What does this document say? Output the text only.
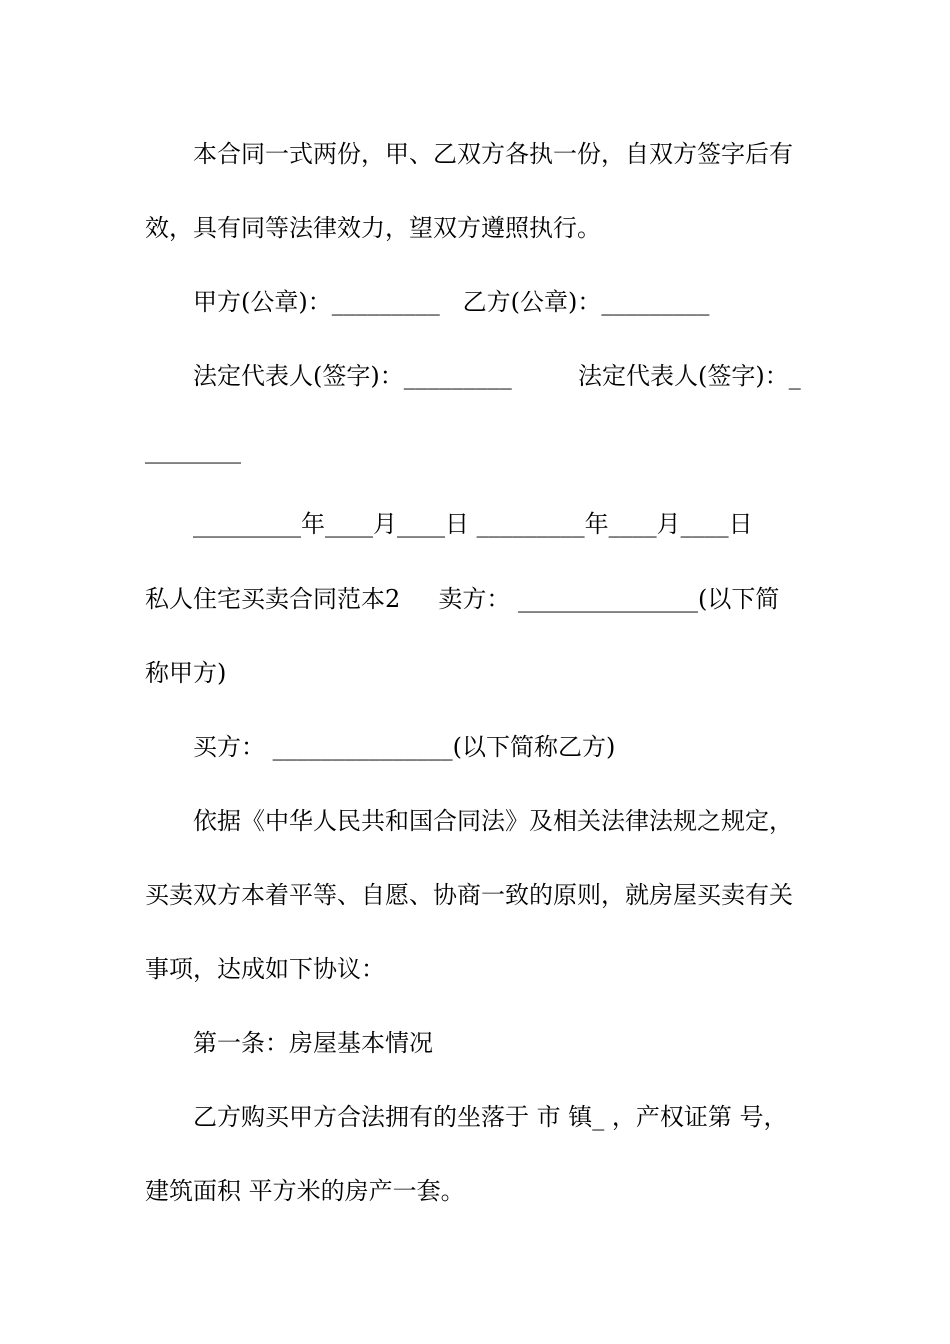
本合同一式两份，甲、乙双方各执一份，自双方签字后有

效，具有同等法律效力，望双方遵照执行。

甲方(公章)：_________   乙方(公章)：_________

法定代表人(签字)：_________	法定代表人(签字)：_

________

_________年____月____日 _________年____月____日

私人住宅买卖合同范本2     卖方： _______________(以下简

称甲方)

买方： _______________(以下简称乙方)

依据《中华人民共和国合同法》及相关法律法规之规定，

买卖双方本着平等、自愿、协商一致的原则，就房屋买卖有关

事项，达成如下协议：

第一条：房屋基本情况

乙方购买甲方合法拥有的坐落于 市 镇_ ，产权证第 号，

建筑面积 平方米的房产一套。
